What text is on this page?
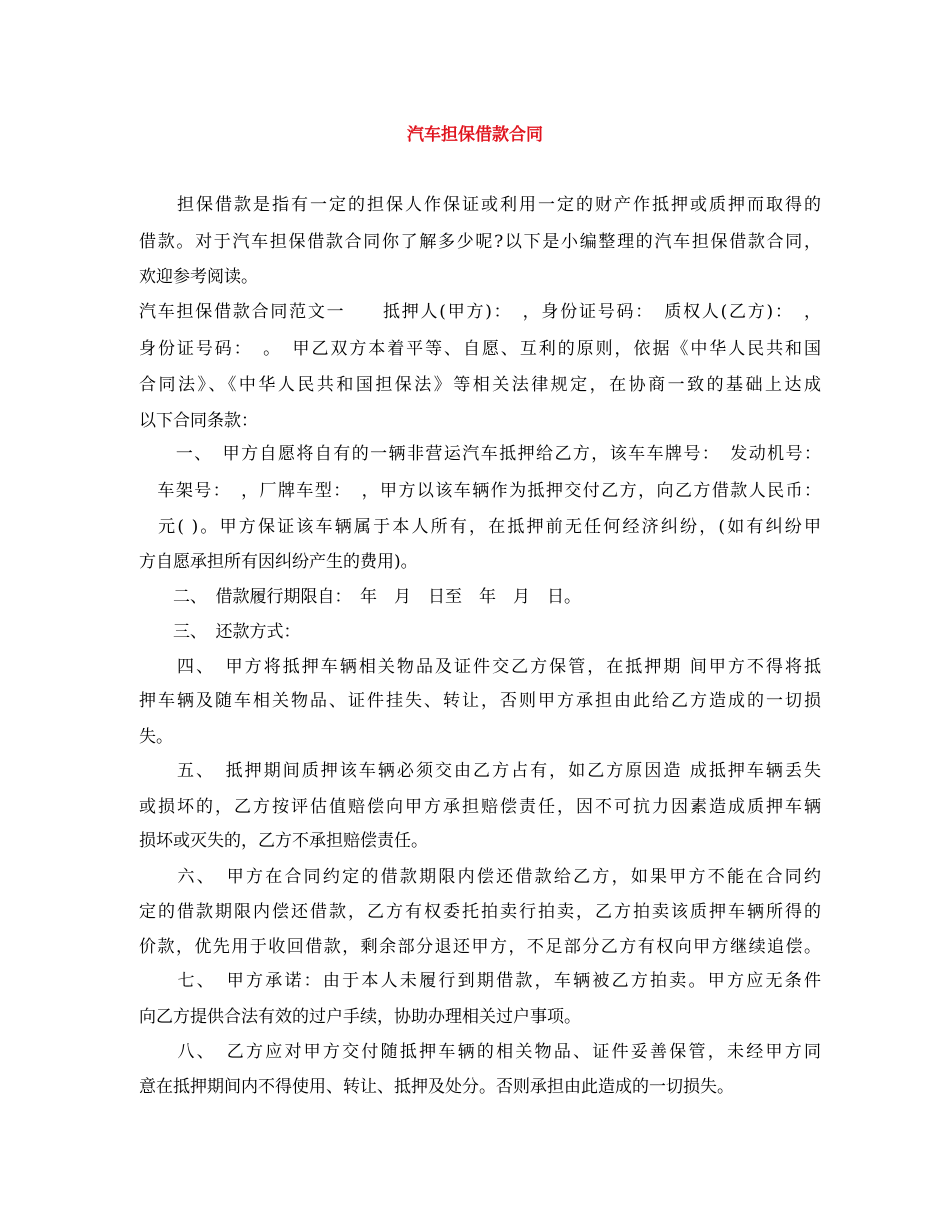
汽车担保借款合同
　　担保借款是指有一定的担保人作保证或利用一定的财产作抵押或质押而取得的
借款。对于汽车担保借款合同你了解多少呢?以下是小编整理的汽车担保借款合同，
欢迎参考阅读。
汽车担保借款合同范文一　　抵押人(甲方)：　，身份证号码：　质权人(乙方)：　，
身份证号码：　。　甲乙双方本着平等、自愿、互利的原则，依据《中华人民共和国
合同法》、《中华人民共和国担保法》等相关法律规定，在协商一致的基础上达成
以下合同条款：
　　一、　甲方自愿将自有的一辆非营运汽车抵押给乙方，该车车牌号：　发动机号：
　车架号：　，厂牌车型：　，甲方以该车辆作为抵押交付乙方，向乙方借款人民币：
　元( )。甲方保证该车辆属于本人所有，在抵押前无任何经济纠纷，(如有纠纷甲
方自愿承担所有因纠纷产生的费用)。
　　二、　借款履行期限自：　年　月　日至　年　月　日。
　　三、　还款方式：
　　四、　甲方将抵押车辆相关物品及证件交乙方保管，在抵押期 间甲方不得将抵
押车辆及随车相关物品、证件挂失、转让，否则甲方承担由此给乙方造成的一切损
失。
　　五、　抵押期间质押该车辆必须交由乙方占有，如乙方原因造 成抵押车辆丢失
或损坏的，乙方按评估值赔偿向甲方承担赔偿责任，因不可抗力因素造成质押车辆
损坏或灭失的，乙方不承担赔偿责任。
　　六、　甲方在合同约定的借款期限内偿还借款给乙方，如果甲方不能在合同约
定的借款期限内偿还借款，乙方有权委托拍卖行拍卖，乙方拍卖该质押车辆所得的
价款，优先用于收回借款，剩余部分退还甲方，不足部分乙方有权向甲方继续追偿。
　　七、　甲方承诺：由于本人未履行到期借款，车辆被乙方拍卖。甲方应无条件
向乙方提供合法有效的过户手续，协助办理相关过户事项。
　　八、　乙方应对甲方交付随抵押车辆的相关物品、证件妥善保管，未经甲方同
意在抵押期间内不得使用、转让、抵押及处分。否则承担由此造成的一切损失。
